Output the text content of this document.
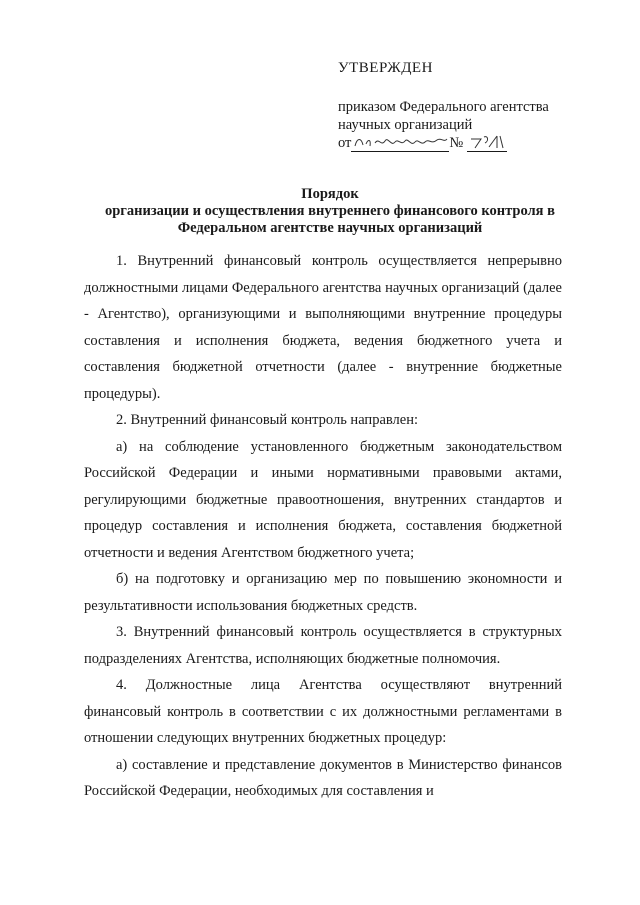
УТВЕРЖДЕН
приказом Федерального агентства
научных организаций
от	№
Порядок
организации и осуществления внутреннего финансового контроля в
Федеральном агентстве научных организаций

1. Внутренний финансовый контроль осуществляется непрерывно должностными лицами Федерального агентства научных организаций (далее - Агентство), организующими и выполняющими внутренние процедуры составления и исполнения бюджета, ведения бюджетного учета и составления бюджетной отчетности (далее - внутренние бюджетные процедуры).

2. Внутренний финансовый контроль направлен:

а) на соблюдение установленного бюджетным законодательством Российской Федерации и иными нормативными правовыми актами, регулирующими бюджетные правоотношения, внутренних стандартов и процедур составления и исполнения бюджета, составления бюджетной отчетности и ведения Агентством бюджетного учета;

б) на подготовку и организацию мер по повышению экономности и результативности использования бюджетных средств.

3. Внутренний финансовый контроль осуществляется в структурных подразделениях Агентства, исполняющих бюджетные полномочия.

4. Должностные лица Агентства осуществляют внутренний финансовый контроль в соответствии с их должностными регламентами в отношении следующих внутренних бюджетных процедур:

а) составление и представление документов в Министерство финансов Российской Федерации, необходимых для составления и
